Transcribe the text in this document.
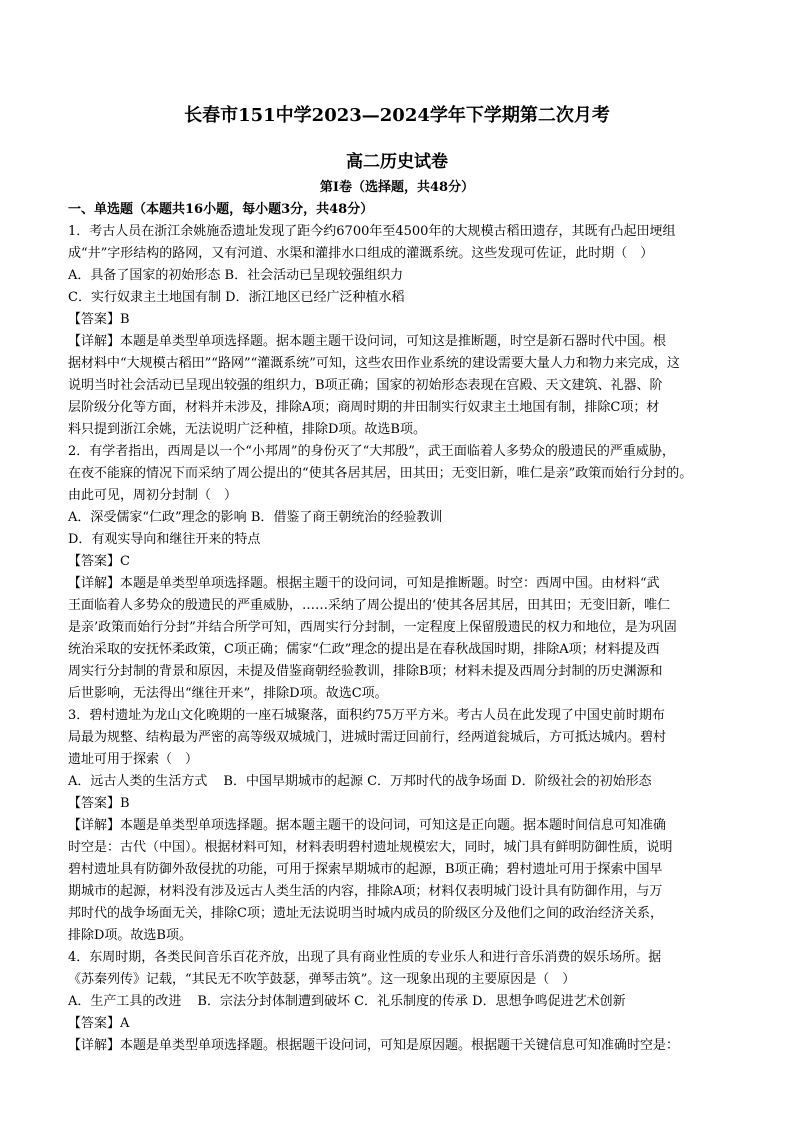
长春市151中学2023—2024学年下学期第二次月考
高二历史试卷
第Ⅰ卷（选择题，共48分）
一、单选题（本题共16小题，每小题3分，共48分）
1．考古人员在浙江余姚施岙遗址发现了距今约6700年至4500年的大规模古稻田遗存，其既有凸起田埂组
成“井”字形结构的路网，又有河道、水渠和灌排水口组成的灌溉系统。这些发现可佐证，此时期（　）
A．具备了国家的初始形态 B．社会活动已呈现较强组织力
C．实行奴隶主土地国有制 D．浙江地区已经广泛种植水稻
【答案】B
【详解】本题是单类型单项选择题。据本题主题干设问词，可知这是推断题，时空是新石器时代中国。根
据材料中“大规模古稻田”“路网”“灌溉系统”可知，这些农田作业系统的建设需要大量人力和物力来完成，这
说明当时社会活动已呈现出较强的组织力，B项正确；国家的初始形态表现在宫殿、天文建筑、礼器、阶
层阶级分化等方面，材料并未涉及，排除A项；商周时期的井田制实行奴隶主土地国有制，排除C项；材
料只提到浙江余姚，无法说明广泛种植，排除D项。故选B项。
2．有学者指出，西周是以一个“小邦周”的身份灭了“大邦殷”，武王面临着人多势众的殷遗民的严重威胁，
在夜不能寐的情况下而采纳了周公提出的“使其各居其居，田其田；无变旧新，唯仁是亲”政策而始行分封的。
由此可见，周初分封制（　）
A．深受儒家“仁政”理念的影响 B．借鉴了商王朝统治的经验教训
D．有观实导向和继往开来的特点
【答案】C
【详解】本题是单类型单项选择题。根据主题干的设问词，可知是推断题。时空：西周中国。由材料“武
王面临着人多势众的殷遗民的严重威胁，……采纳了周公提出的‘使其各居其居，田其田；无变旧新，唯仁
是亲’政策而始行分封”并结合所学可知，西周实行分封制，一定程度上保留殷遗民的权力和地位，是为巩固
统治采取的安抚怀柔政策，C项正确；儒家“仁政”理念的提出是在春秋战国时期，排除A项；材料提及西
周实行分封制的背景和原因，未提及借鉴商朝经验教训，排除B项；材料未提及西周分封制的历史渊源和
后世影响，无法得出“继往开来”，排除D项。故选C项。
3．碧村遗址为龙山文化晚期的一座石城聚落，面积约75万平方米。考古人员在此发现了中国史前时期布
局最为规整、结构最为严密的高等级双城城门，进城时需迂回前行，经两道瓮城后，方可抵达城内。碧村
遗址可用于探索（　）
A．远古人类的生活方式 B．中国早期城市的起源 C．万邦时代的战争场面 D．阶级社会的初始形态
【答案】B
【详解】本题是单类型单项选择题。据本题主题干的设问词，可知这是正向题。据本题时间信息可知准确
时空是：古代（中国）。根据材料可知，材料表明碧村遗址规模宏大，同时，城门具有鲜明防御性质，说明
碧村遗址具有防御外敌侵扰的功能，可用于探索早期城市的起源，B项正确；碧村遗址可用于探索中国早
期城市的起源，材料没有涉及远古人类生活的内容，排除A项；材料仅表明城门设计具有防御作用，与万
邦时代的战争场面无关，排除C项；遗址无法说明当时城内成员的阶级区分及他们之间的政治经济关系，
排除D项。故选B项。
4．东周时期，各类民间音乐百花齐放，出现了具有商业性质的专业乐人和进行音乐消费的娱乐场所。据
《苏秦列传》记载，“其民无不吹竽鼓瑟，弹琴击筑”。这一现象出现的主要原因是（　）
A．生产工具的改进 B．宗法分封体制遭到破坏 C．礼乐制度的传承 D．思想争鸣促进艺术创新
【答案】A
【详解】本题是单类型单项选择题。根据题干设问词，可知是原因题。根据题干关键信息可知准确时空是：
